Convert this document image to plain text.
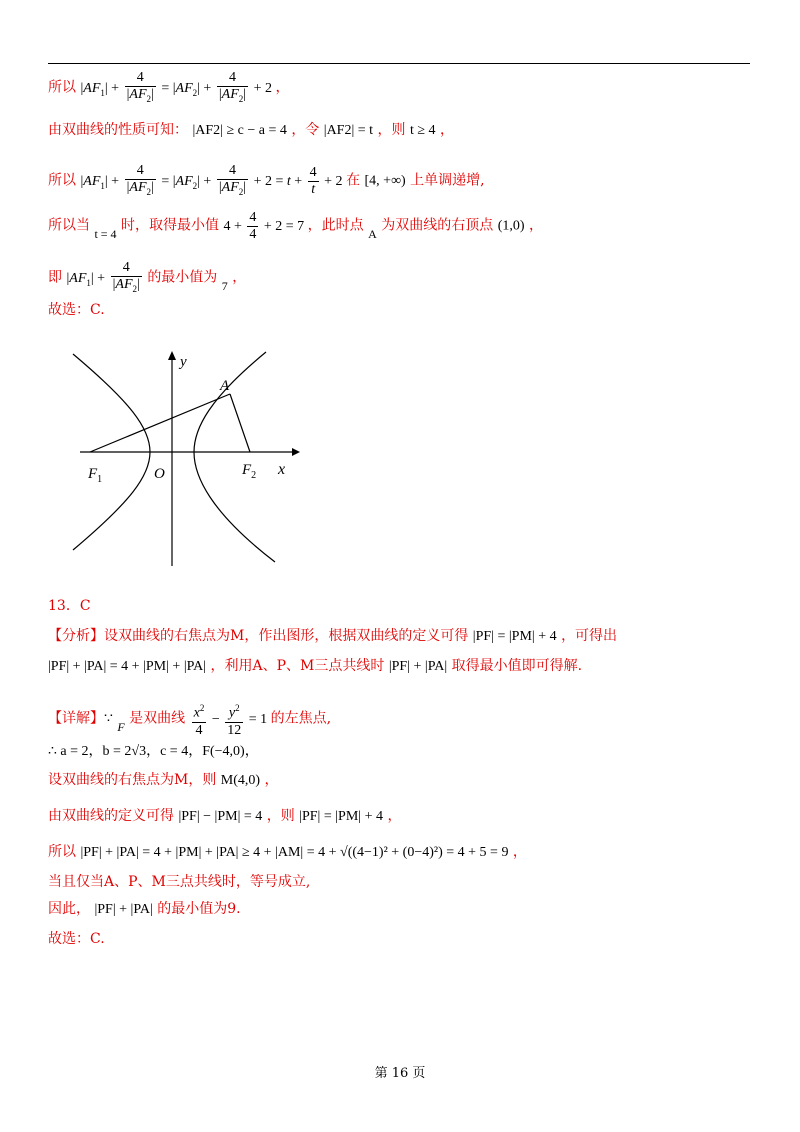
所以 $|AF_1| + \frac{4}{|AF_2|} = |AF_2| + \frac{4}{|AF_2|} + 2$ ，
由双曲线的性质可知： |AF2| ≥ c − a = 4 ，令 |AF2| = t ，则 t ≥ 4 ，
所以 $|AF_1| + \frac{4}{|AF_2|} = |AF_2| + \frac{4}{|AF_2|} + 2 = t + \frac{4}{t} + 2$ 在 [4, +∞) 上单调递增,
所以当 t = 4 时，取得最小值 $4 + \frac{4}{4} + 2 = 7$ ，此时点 A 为双曲线的右顶点 (1,0) ，
即 $|AF_1| + \frac{4}{|AF_2|}$ 的最小值为 7 ，
故选：C.
y
x
A
O
$F_1$
$F_2$
13．C
【分析】设双曲线的右焦点为M，作出图形，根据双曲线的定义可得 |PF| = |PM| + 4 ，可得出
|PF| + |PA| = 4 + |PM| + |PA| ，利用A、P、M三点共线时 |PF| + |PA| 取得最小值即可得解.
【详解】∵ F 是双曲线 $\frac{x^2}{4} - \frac{y^2}{12} = 1$ 的左焦点,
∴ a = 2，b = 2√3，c = 4，F(−4,0)，
设双曲线的右焦点为M，则 M(4,0) ，
由双曲线的定义可得 |PF| − |PM| = 4 ，则 |PF| = |PM| + 4 ，
所以 |PF| + |PA| = 4 + |PM| + |PA| ≥ 4 + |AM| = 4 + √((4−1)² + (0−4)²) = 4 + 5 = 9 ，
当且仅当A、P、M三点共线时，等号成立,
因此， |PF| + |PA| 的最小值为9.
故选：C.
第 16 页
